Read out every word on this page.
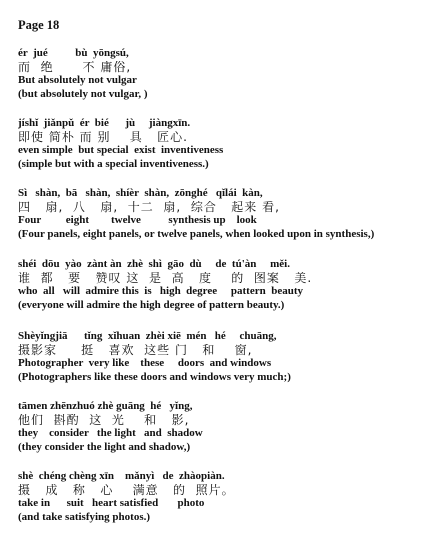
Page 18
ér  jué          bù  yōngsú,
而  绝      不 庸俗,
But absolutely not vulgar
(but absolutely not vulgar, )
jíshǐ  jiǎnpǔ  ér  bié      jù     jiàngxīn.
即使 简朴 而 别    具   匠心.
even simple  but special  exist  inventiveness
(simple but with a special inventiveness.)
Sì   shàn,  bā   shàn,  shíèr  shàn,  zōnghé   qǐlái  kàn,
四   扇,  八   扇,  十二  扇,  综合   起来 看,
Four         eight        twelve          synthesis up    look
(Four panels, eight panels, or twelve panels, when looked upon in synthesis,)
shéi  dōu  yào  zànt àn  zhè  shì  gāo  dù     de  tú'àn     měi.
谁  都   要   赞叹 这  是  高   度    的  图案   美.
who  all   will  admire this  is   high  degree     pattern  beauty
(everyone will admire the high degree of pattern beauty.)
Shèyǐngjiā      tǐng  xǐhuan  zhèi xiē  mén   hé     chuāng,
摄影家     挺   喜欢  这些 门   和    窗,
Photographer  very like    these     doors  and windows
(Photographers like these doors and windows very much;)
tāmen zhēnzhuó zhè guāng  hé   yǐng,
他们  斟酌  这  光    和   影,
they    consider   the light   and  shadow
(they consider the light and shadow,)
shè  chéng chèng xīn    mǎnyì   de  zhàopiàn.
摄   成   称   心    满意   的  照片。
take in      suit   heart satisfied       photo
(and take satisfying photos.)
